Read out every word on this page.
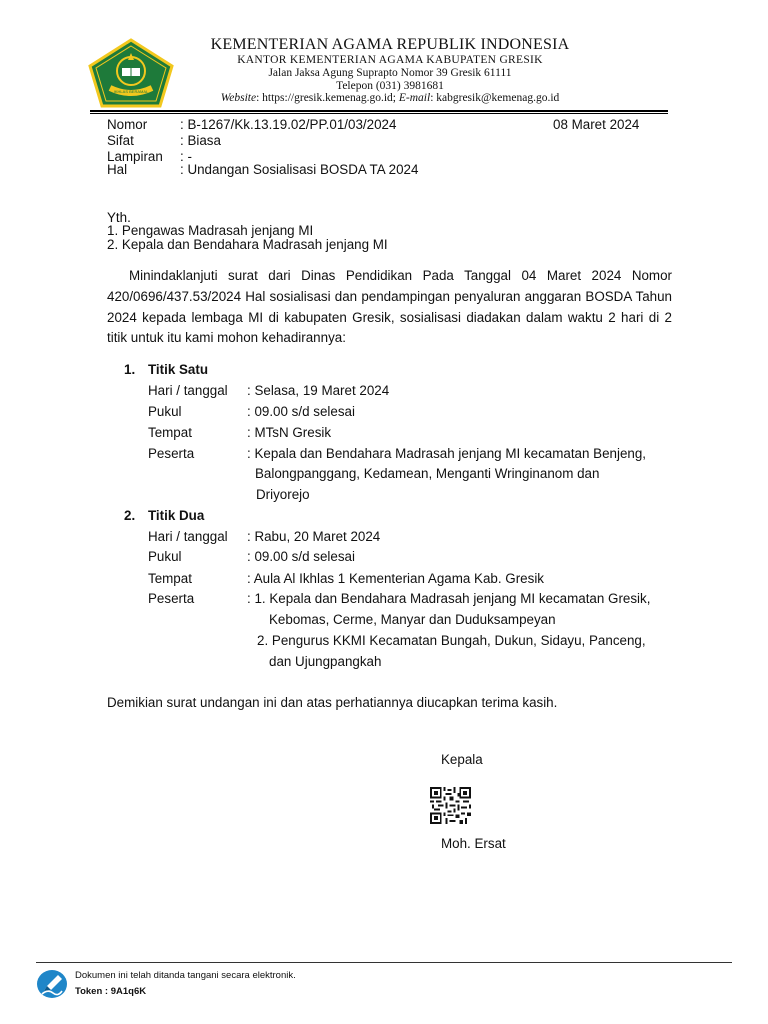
IKHLAS BERAMAL
KEMENTERIAN AGAMA REPUBLIK INDONESIA
KANTOR KEMENTERIAN AGAMA KABUPATEN GRESIK
Jalan Jaksa Agung Suprapto Nomor 39 Gresik 61111
Telepon (031) 3981681
Website: https://gresik.kemenag.go.id; E-mail: kabgresik@kemenag.go.id
Nomor : B-1267/Kk.13.19.02/PP.01/03/2024	08 Maret 2024
Sifat	: Biasa
Lampiran : -
Hal	: Undangan Sosialisasi BOSDA TA 2024
Yth.
1. Pengawas Madrasah jenjang MI
2. Kepala dan Bendahara Madrasah jenjang MI

Minindaklanjuti surat dari Dinas Pendidikan Pada Tanggal 04 Maret 2024 Nomor 420/0696/437.53/2024 Hal sosialisasi dan pendampingan penyaluran anggaran BOSDA Tahun 2024 kepada lembaga MI di kabupaten Gresik, sosialisasi diadakan dalam waktu 2 hari di 2 titik untuk itu kami mohon kehadirannya:

1. Titik Satu
Hari / tanggal : Selasa, 19 Maret 2024
Pukul	: 09.00 s/d selesai
Tempat	: MTsN Gresik
Peserta	: Kepala dan Bendahara Madrasah jenjang MI kecamatan Benjeng,
Balongpanggang, Kedamean, Menganti Wringinanom dan
Driyorejo
2. Titik Dua
Hari / tanggal : Rabu, 20 Maret 2024
Pukul	: 09.00 s/d selesai
Tempat	: Aula Al Ikhlas 1 Kementerian Agama Kab. Gresik
Peserta	: 1. Kepala dan Bendahara Madrasah jenjang MI kecamatan Gresik,
Kebomas, Cerme, Manyar dan Duduksampeyan
2. Pengurus KKMI Kecamatan Bungah, Dukun, Sidayu, Panceng,
dan Ujungpangkah
Demikian surat undangan ini dan atas perhatiannya diucapkan terima kasih.
Kepala
Moh. Ersat
Dokumen ini telah ditanda tangani secara elektronik.
Token : 9A1q6K
